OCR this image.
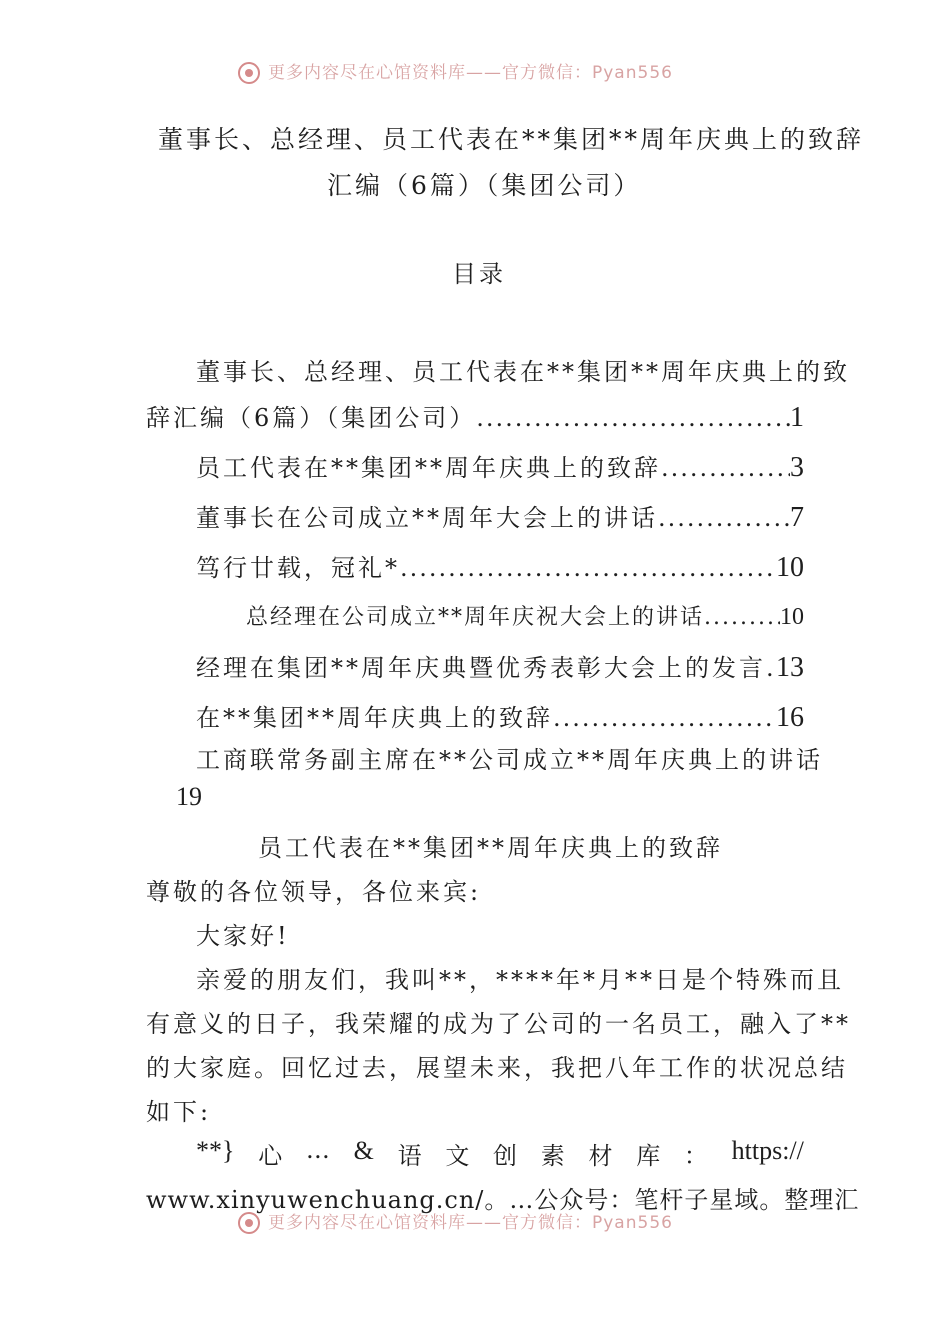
更多内容尽在心馆资料库——官方微信：Pyan556
董事长、总经理、员工代表在**集团**周年庆典上的致辞
汇编（6篇）（集团公司）
目录
董事长、总经理、员工代表在**集团**周年庆典上的致
辞汇编（6篇）（集团公司） .....	1
员工代表在**集团**周年庆典上的致辞 .....	3
董事长在公司成立**周年大会上的讲话 .....	7
笃行廿载，冠礼* .....	10
总经理在公司成立**周年庆祝大会上的讲话 .....	10
经理在集团**周年庆典暨优秀表彰大会上的发言 ..... 13
在**集团**周年庆典上的致辞 .....	16
工商联常务副主席在**公司成立**周年庆典上的讲话
19
员工代表在**集团**周年庆典上的致辞
尊敬的各位领导，各位来宾:
大家好!
亲爱的朋友们，我叫**，****年*月**日是个特殊而且
有意义的日子，我荣耀的成为了公司的一名员工，融入了**
的大家庭。回忆过去，展望未来，我把八年工作的状况总结
如下:
**} 心 … & 语 文 创 素 材 库 ： https://
www.xinyuwenchuang.cn/。…公众号：笔杆子星域。整理汇
更多内容尽在心馆资料库——官方微信：Pyan556
